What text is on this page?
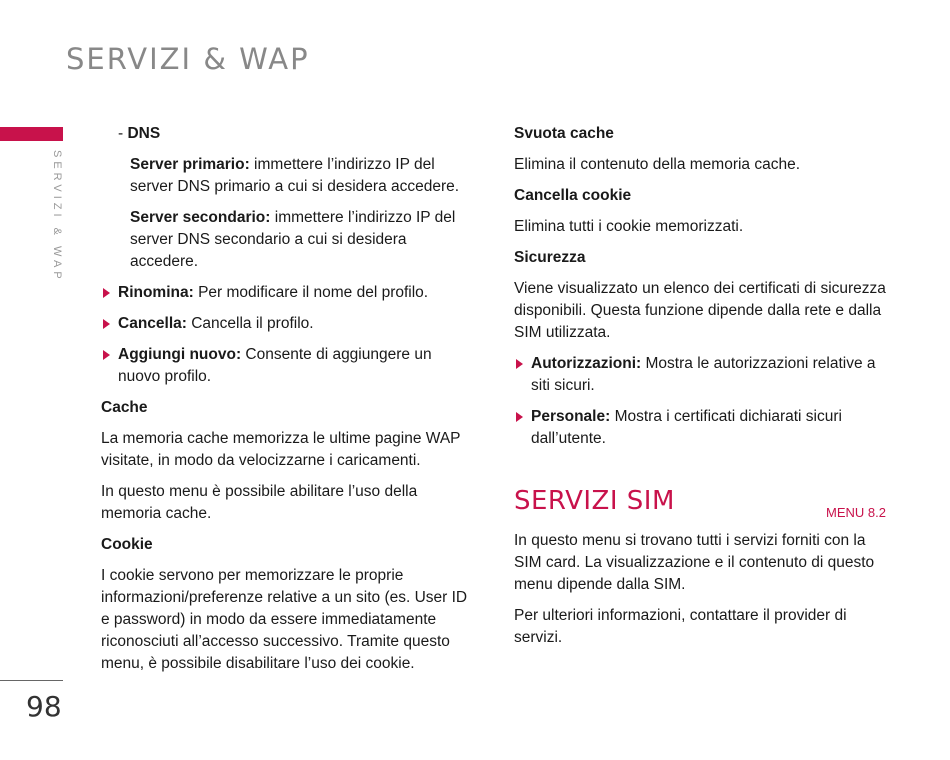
SERVIZI & WAP
SERVIZI & WAP
98

- DNS

Server primario: immettere l’indirizzo IP del server DNS primario a cui si desidera accedere.

Server secondario: immettere l’indirizzo IP del server DNS secondario a cui si desidera accedere.

Rinomina: Per modificare il nome del profilo.

Cancella: Cancella il profilo.

Aggiungi nuovo: Consente di aggiungere un nuovo profilo.

Cache

La memoria cache memorizza le ultime pagine WAP visitate, in modo da velocizzarne i caricamenti.

In questo menu è possibile abilitare l’uso della memoria cache.

Cookie

I cookie servono per memorizzare le proprie informazioni/preferenze relative a un sito (es. User ID e password) in modo da essere immediatamente riconosciuti all’accesso successivo. Tramite questo menu, è possibile disabilitare l’uso dei cookie.

Svuota cache

Elimina il contenuto della memoria cache.

Cancella cookie

Elimina tutti i cookie memorizzati.

Sicurezza

Viene visualizzato un elenco dei certificati di sicurezza disponibili. Questa funzione dipende dalla rete e dalla SIM utilizzata.

Autorizzazioni: Mostra le autorizzazioni relative a siti sicuri.

Personale: Mostra i certificati dichiarati sicuri dall’utente.

SERVIZI SIM	MENU 8.2

In questo menu si trovano tutti i servizi forniti con la SIM card. La visualizzazione e il contenuto di questo menu dipende dalla SIM.

Per ulteriori informazioni, contattare il provider di servizi.
